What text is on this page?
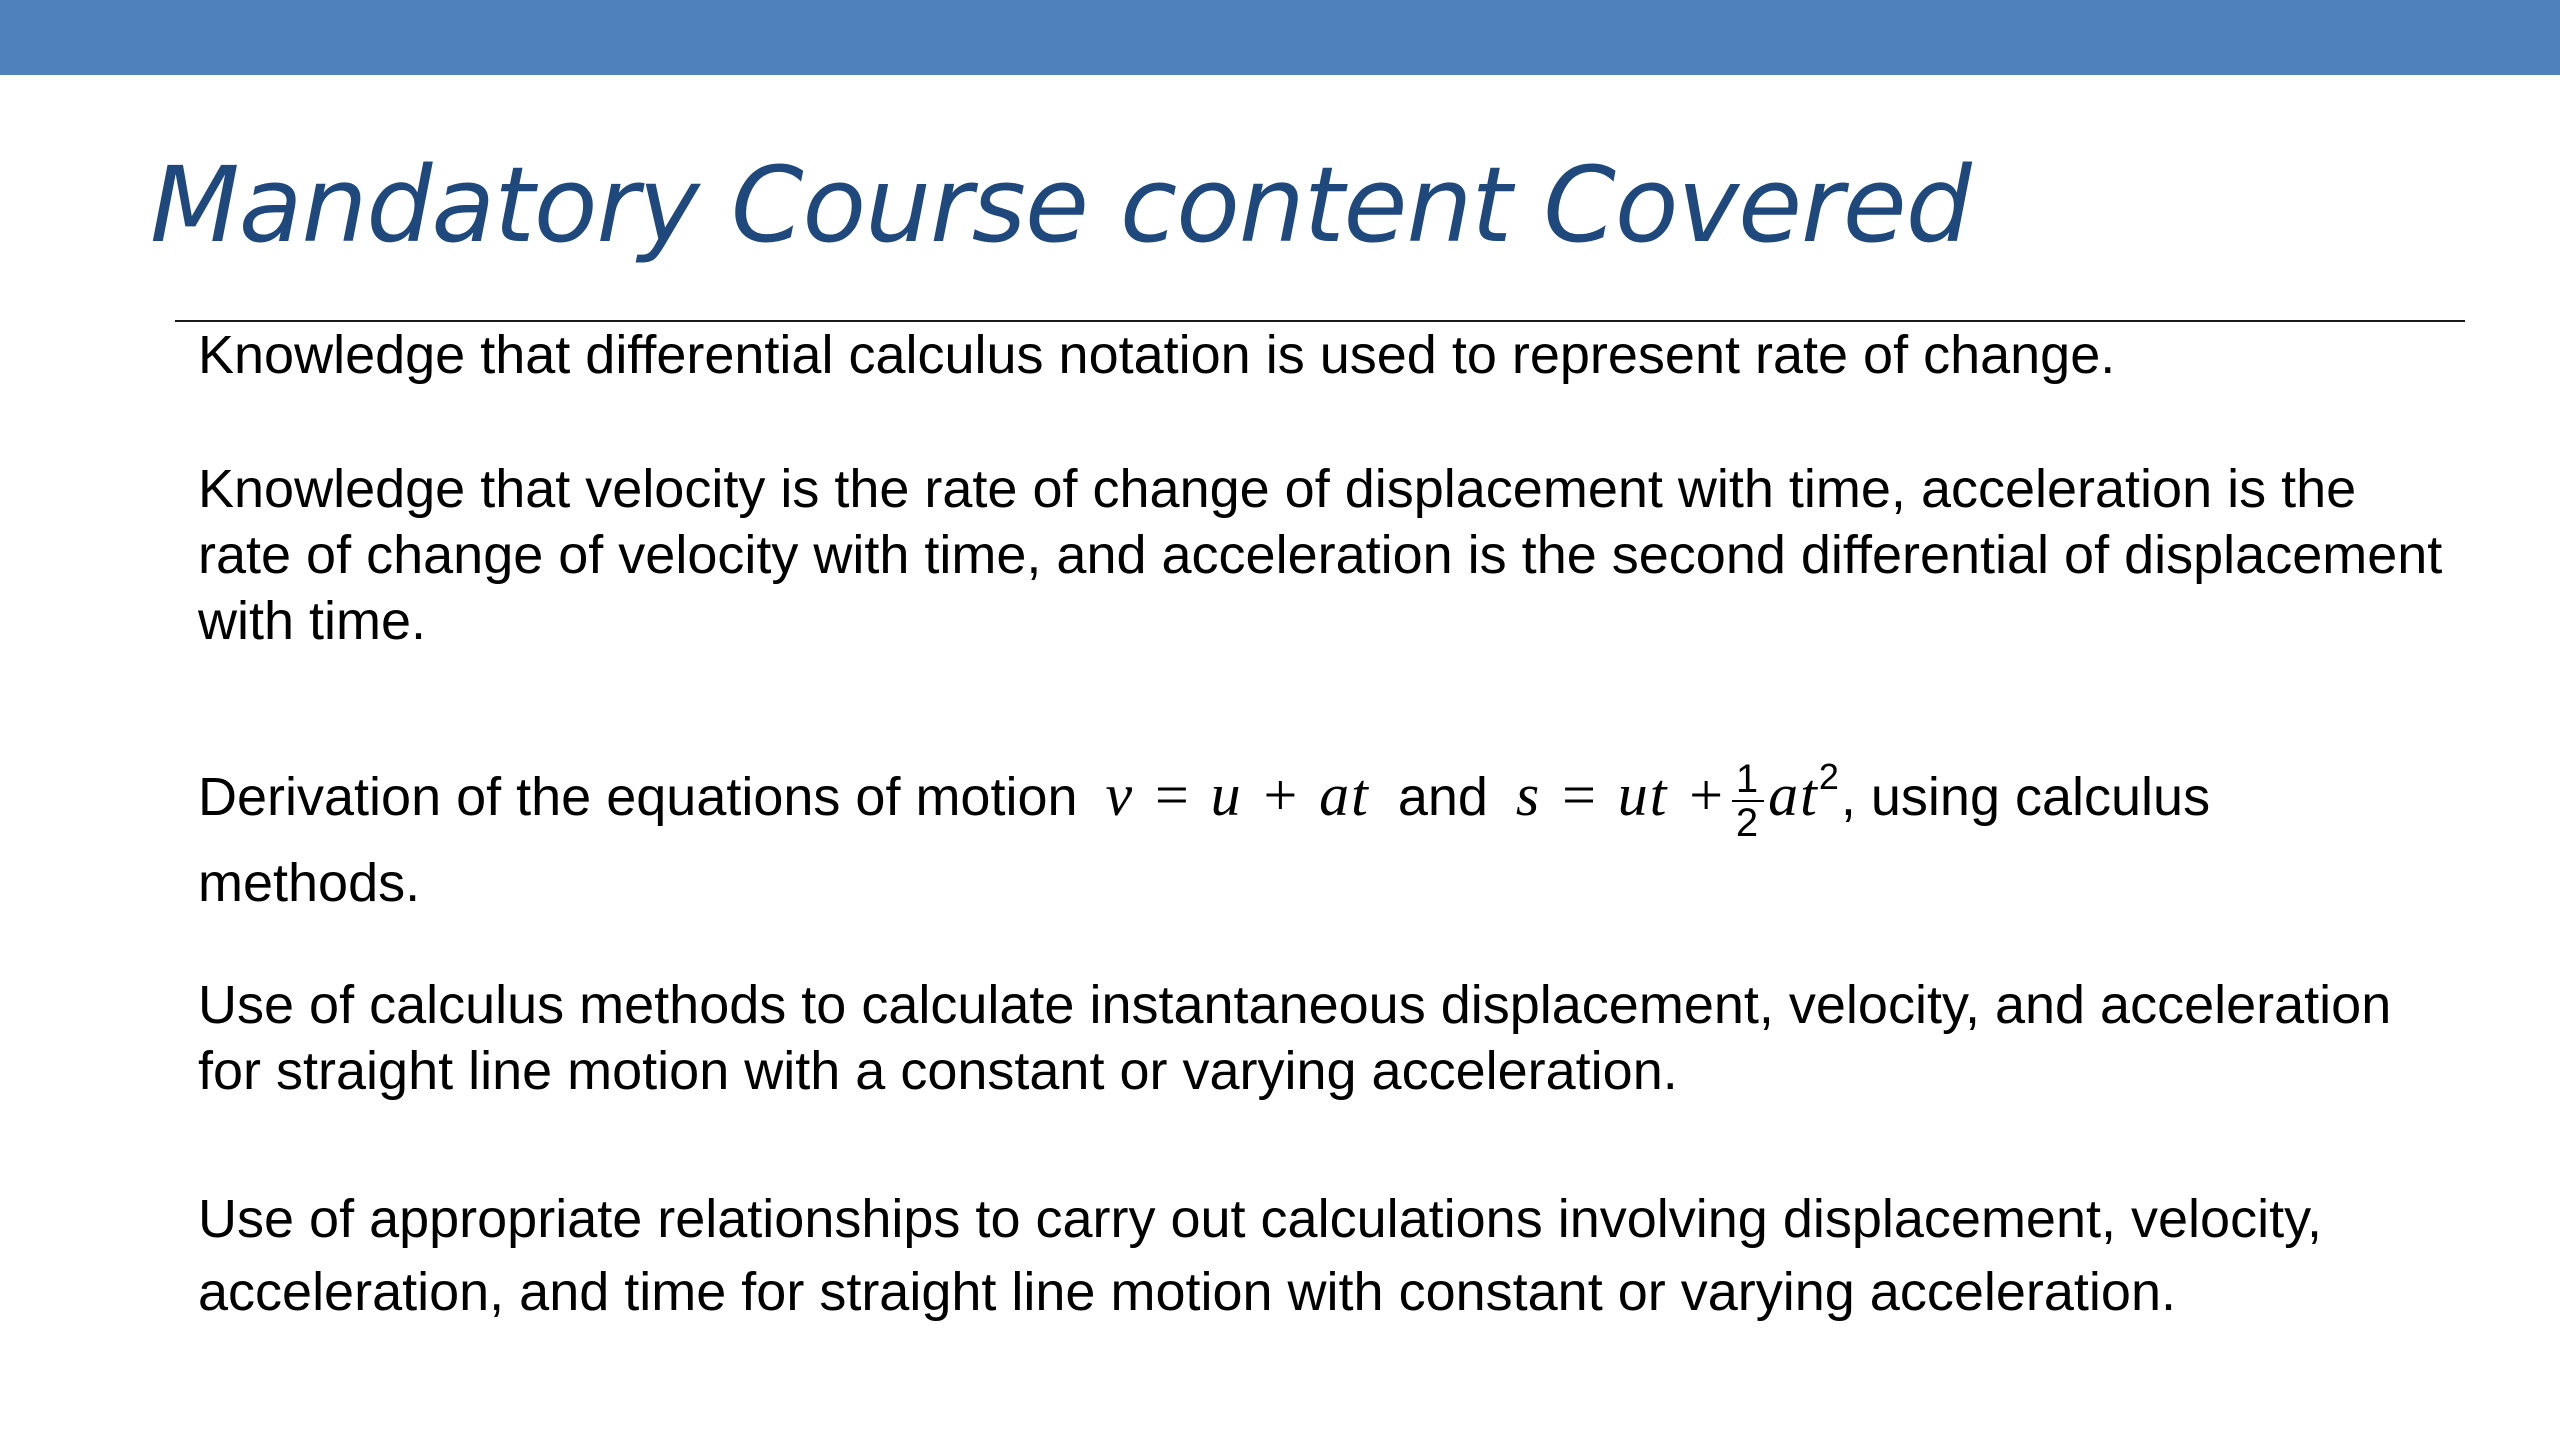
Mandatory Course content Covered

Knowledge that differential calculus notation is used to represent rate of change.

Knowledge that velocity is the rate of change of displacement with time, acceleration is the rate of change of velocity with time, and acceleration is the second differential of displacement with time.

Derivation of the equations of motion v = u + at and s = ut + $\frac{1}{2} at^2$, using calculus
methods.

Use of calculus methods to calculate instantaneous displacement, velocity, and acceleration for straight line motion with a constant or varying acceleration.

Use of appropriate relationships to carry out calculations involving displacement, velocity, acceleration, and time for straight line motion with constant or varying acceleration.
